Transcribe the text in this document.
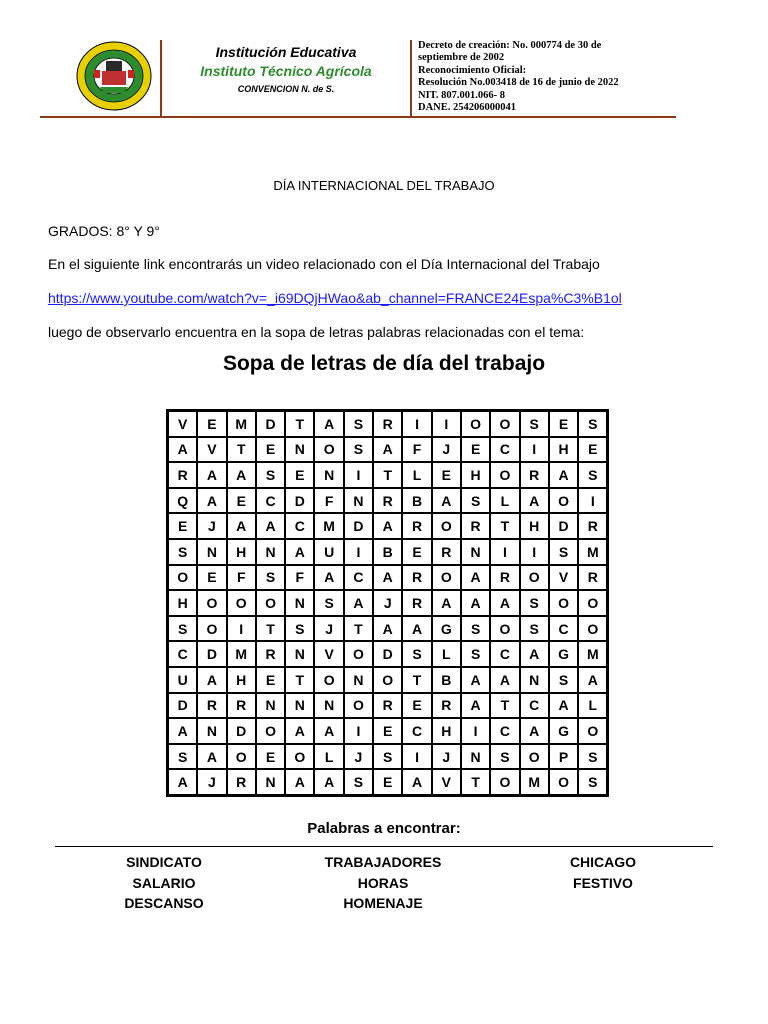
Institución Educativa
Instituto Técnico Agrícola
CONVENCION N. de S.
Decreto de creación: No. 000774 de 30 de
septiembre de 2002
Reconocimiento Oficial:
Resolución No.003418 de 16 de junio de 2022
NIT. 807.001.066- 8
DANE. 254206000041
DÍA INTERNACIONAL DEL TRABAJO
GRADOS: 8° Y 9°
En el siguiente link encontrarás un video relacionado con el Día Internacional del Trabajo
https://www.youtube.com/watch?v=_i69DQjHWao&ab_channel=FRANCE24Espa%C3%B1ol
luego de observarlo encuentra en la sopa de letras palabras relacionadas con el tema:
Sopa de letras de día del trabajo
V	E	M	D	T	A	S	R	I	I	O	O	S	E	S
A	V	T	E	N	O	S	A	F	J	E	C	I	H	E
R	A	A	S	E	N	I	T	L	E	H	O	R	A	S
Q	A	E	C	D	F	N	R	B	A	S	L	A	O	I
E	J	A	A	C	M	D	A	R	O	R	T	H	D	R
S	N	H	N	A	U	I	B	E	R	N	I	I	S	M
O	E	F	S	F	A	C	A	R	O	A	R	O	V	R
H	O	O	O	N	S	A	J	R	A	A	A	S	O	O
S	O	I	T	S	J	T	A	A	G	S	O	S	C	O
C	D	M	R	N	V	O	D	S	L	S	C	A	G	M
U	A	H	E	T	O	N	O	T	B	A	A	N	S	A
D	R	R	N	N	N	O	R	E	R	A	T	C	A	L
A	N	D	O	A	A	I	E	C	H	I	C	A	G	O
S	A	O	E	O	L	J	S	I	J	N	S	O	P	S
A	J	R	N	A	A	S	E	A	V	T	O	M	O	S
Palabras a encontrar:
SINDICATO
SALARIO
DESCANSO
TRABAJADORES
HORAS
HOMENAJE
CHICAGO
FESTIVO
